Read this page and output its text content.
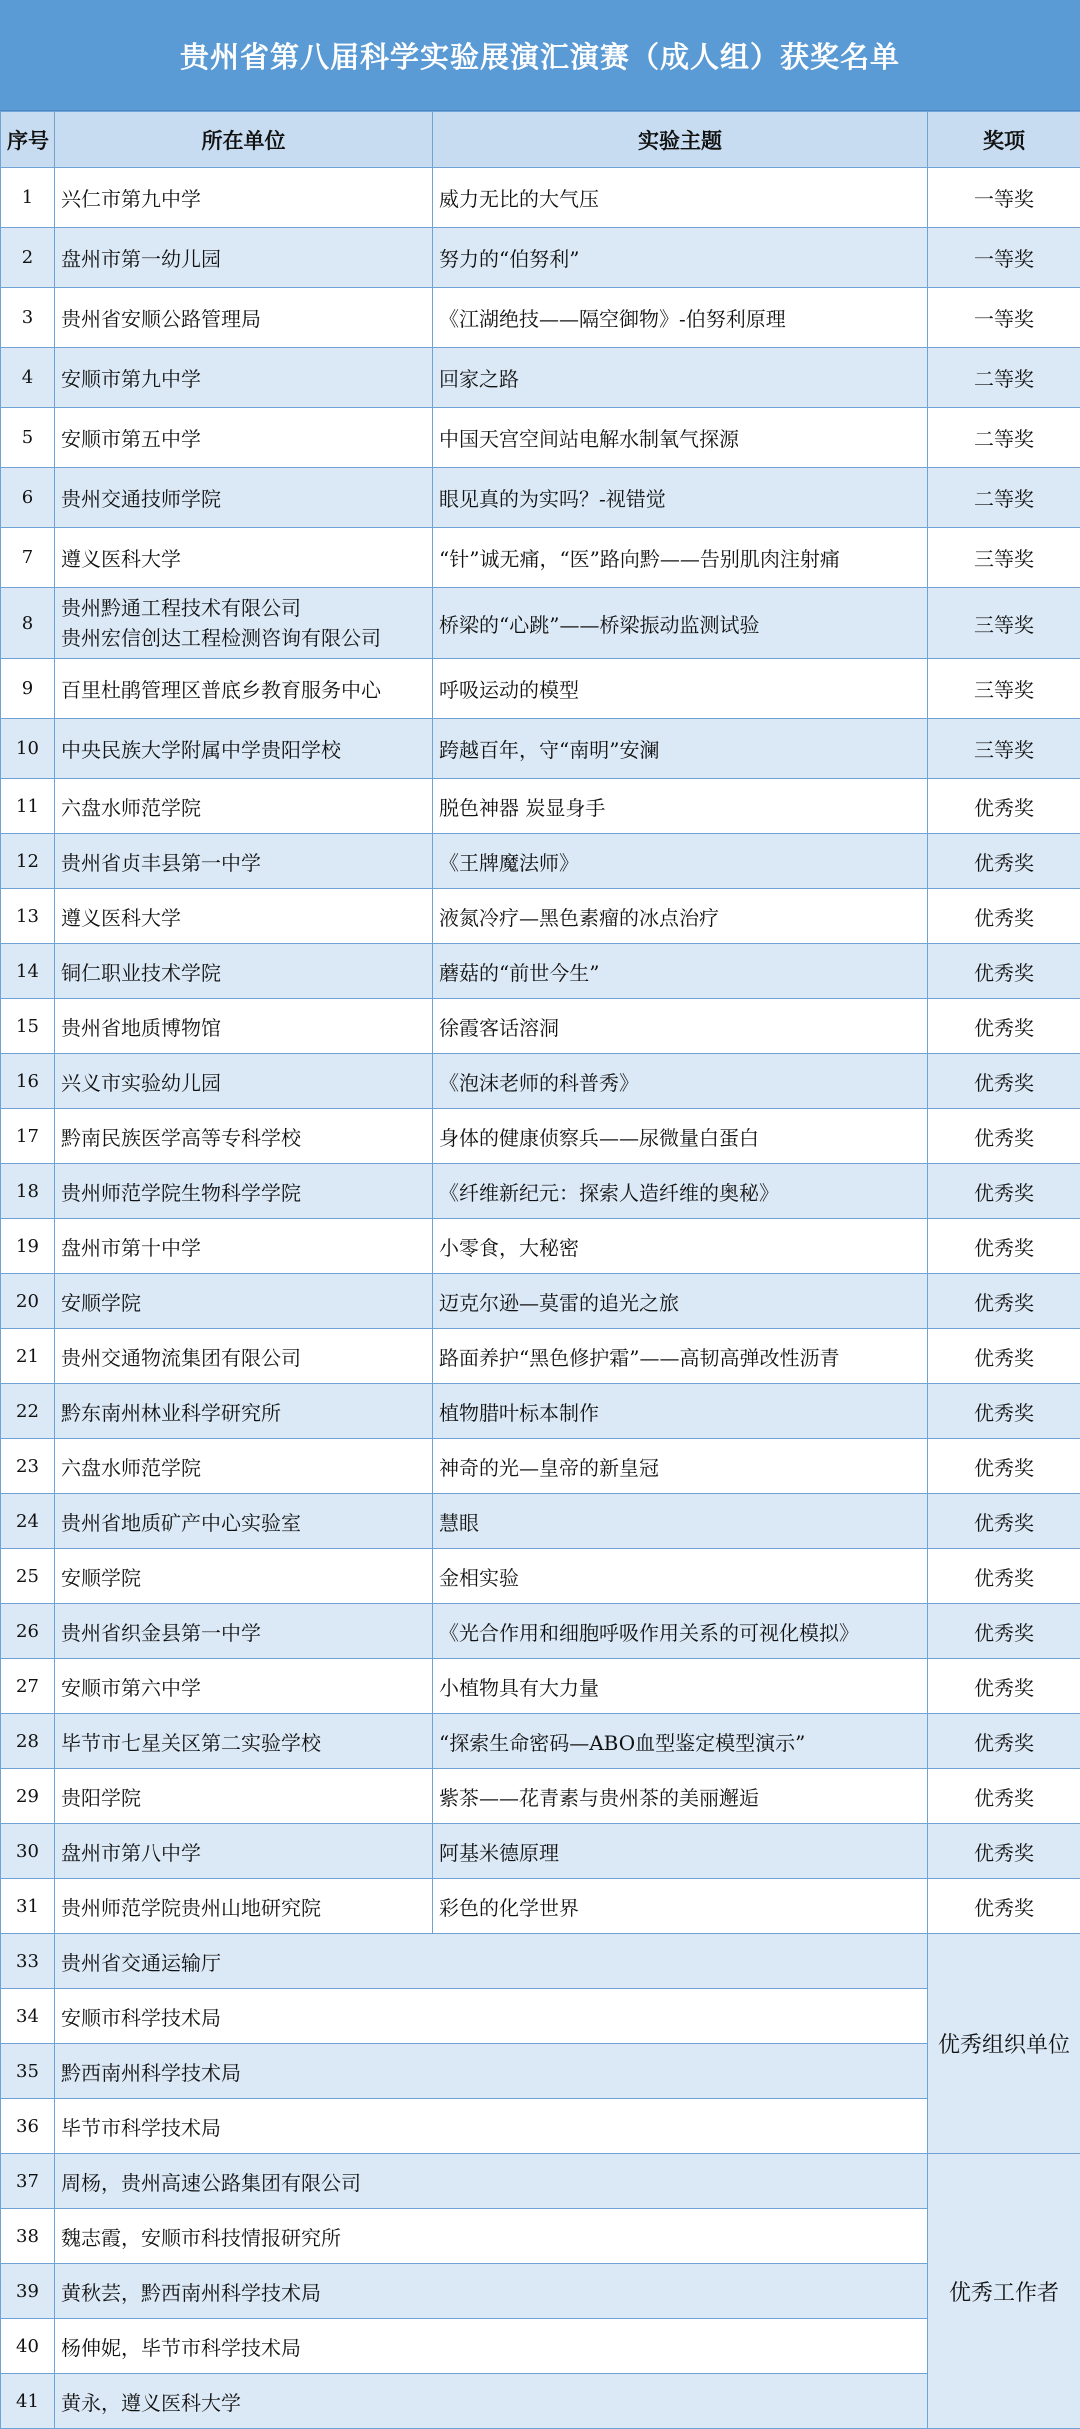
贵州省第八届科学实验展演汇演赛（成人组）获奖名单
序号	所在单位	实验主题	奖项
1	兴仁市第九中学	威力无比的大气压	一等奖
2	盘州市第一幼儿园	努力的“伯努利”	一等奖
3	贵州省安顺公路管理局	《江湖绝技——隔空御物》-伯努利原理	一等奖
4	安顺市第九中学	回家之路	二等奖
5	安顺市第五中学	中国天宫空间站电解水制氧气探源	二等奖
6	贵州交通技师学院	眼见真的为实吗？-视错觉	二等奖
7	遵义医科大学	“针”诚无痛，“医”路向黔——告别肌肉注射痛	三等奖
8	贵州黔通工程技术有限公司
贵州宏信创达工程检测咨询有限公司	桥梁的“心跳”——桥梁振动监测试验	三等奖
9	百里杜鹃管理区普底乡教育服务中心	呼吸运动的模型	三等奖
10	中央民族大学附属中学贵阳学校	跨越百年，守“南明”安澜	三等奖
11	六盘水师范学院	脱色神器 炭显身手	优秀奖
12	贵州省贞丰县第一中学	《王牌魔法师》	优秀奖
13	遵义医科大学	液氮冷疗—黑色素瘤的冰点治疗	优秀奖
14	铜仁职业技术学院	蘑菇的“前世今生”	优秀奖
15	贵州省地质博物馆	徐霞客话溶洞	优秀奖
16	兴义市实验幼儿园	《泡沫老师的科普秀》	优秀奖
17	黔南民族医学高等专科学校	身体的健康侦察兵——尿微量白蛋白	优秀奖
18	贵州师范学院生物科学学院	《纤维新纪元：探索人造纤维的奥秘》	优秀奖
19	盘州市第十中学	小零食，大秘密	优秀奖
20	安顺学院	迈克尔逊—莫雷的追光之旅	优秀奖
21	贵州交通物流集团有限公司	路面养护“黑色修护霜”——高韧高弹改性沥青	优秀奖
22	黔东南州林业科学研究所	植物腊叶标本制作	优秀奖
23	六盘水师范学院	神奇的光—皇帝的新皇冠	优秀奖
24	贵州省地质矿产中心实验室	慧眼	优秀奖
25	安顺学院	金相实验	优秀奖
26	贵州省织金县第一中学	《光合作用和细胞呼吸作用关系的可视化模拟》	优秀奖
27	安顺市第六中学	小植物具有大力量	优秀奖
28	毕节市七星关区第二实验学校	“探索生命密码—ABO血型鉴定模型演示”	优秀奖
29	贵阳学院	紫茶——花青素与贵州茶的美丽邂逅	优秀奖
30	盘州市第八中学	阿基米德原理	优秀奖
31	贵州师范学院贵州山地研究院	彩色的化学世界	优秀奖
33	贵州省交通运输厅		优秀组织单位
34	安顺市科学技术局		
35	黔西南州科学技术局		
36	毕节市科学技术局		
37	周杨，贵州高速公路集团有限公司		优秀工作者
38	魏志霞，安顺市科技情报研究所		
39	黄秋芸，黔西南州科学技术局		
40	杨伸妮，毕节市科学技术局		
41	黄永，遵义医科大学		
